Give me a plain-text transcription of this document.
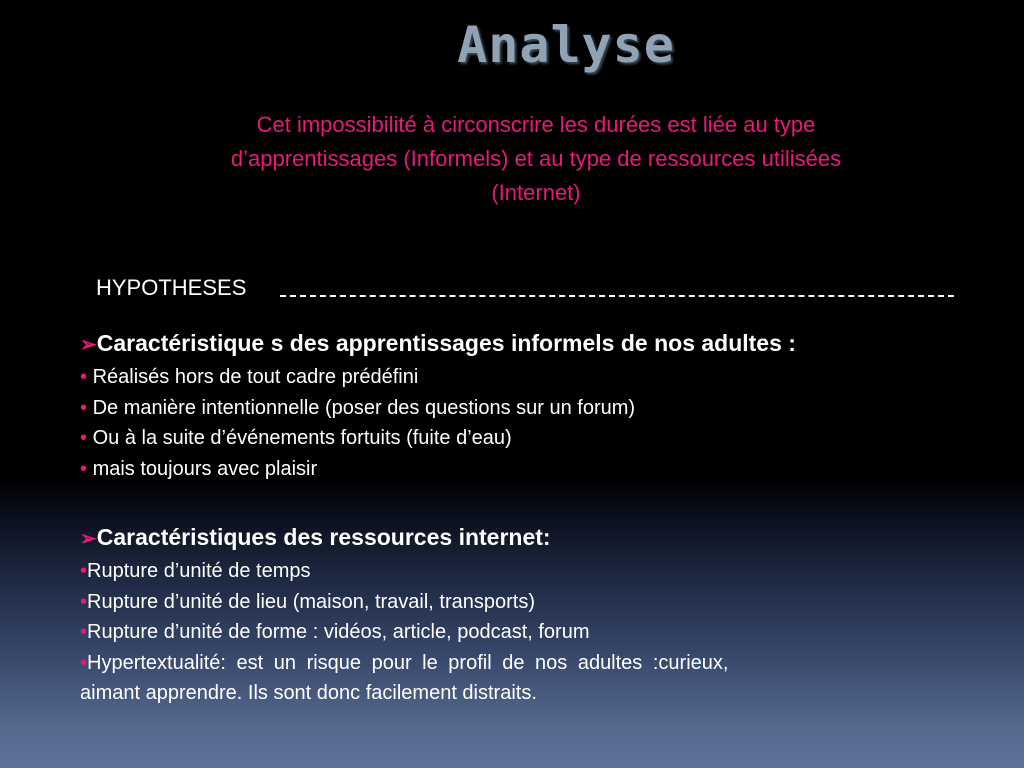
Analyse
Cet impossibilité à circonscrire les durées est liée au type
d’apprentissages (Informels) et au type de ressources utilisées
(Internet)
HYPOTHESES
➢Caractéristique s des apprentissages informels de nos adultes :
• Réalisés hors de tout cadre prédéfini
• De manière intentionnelle (poser des questions sur un forum)
• Ou à la suite d’événements fortuits (fuite d’eau)
• mais toujours avec plaisir
➢Caractéristiques des ressources internet:
•Rupture d’unité de temps
•Rupture d’unité de lieu (maison, travail, transports)
•Rupture d’unité de forme : vidéos, article, podcast, forum
•Hypertextualité: est un risque pour le profil de nos adultes :curieux,
aimant apprendre. Ils sont donc facilement distraits.
